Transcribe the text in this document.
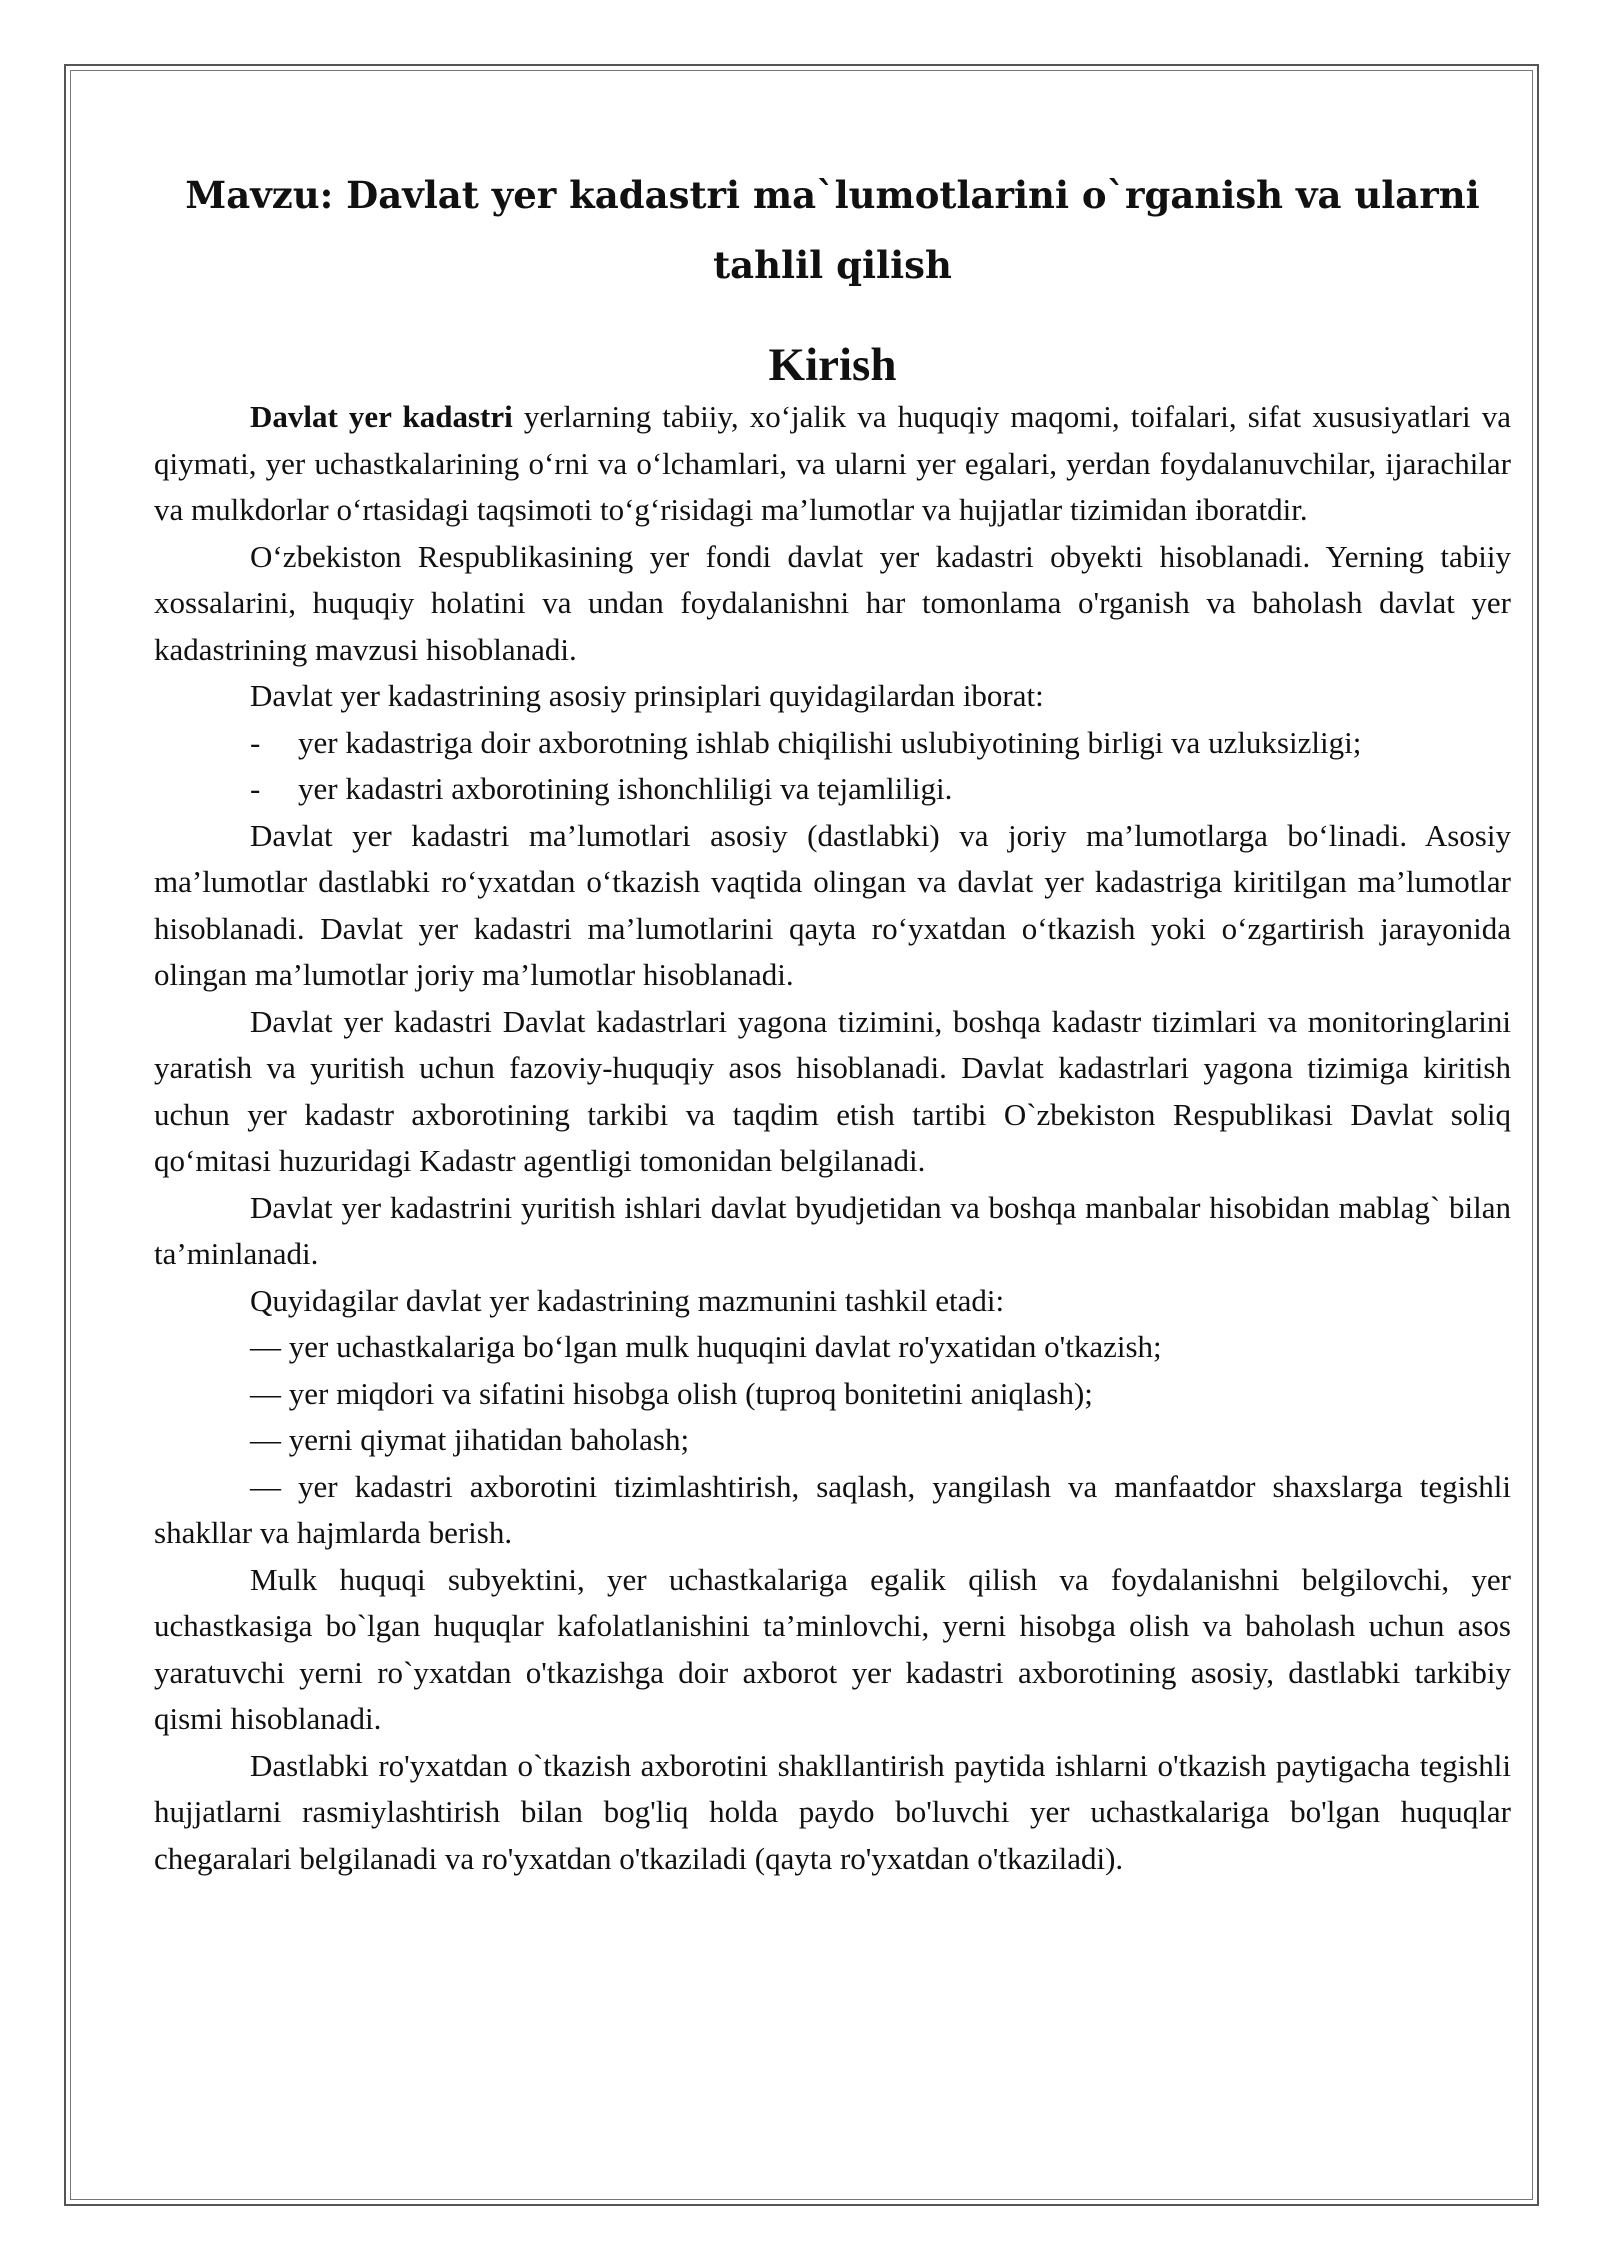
Mavzu: Davlat yer kadastri ma`lumotlarini o`rganish va ularni tahlil qilish
Kirish

Davlat yer kadastri yerlarning tabiiy, xo‘jalik va huquqiy maqomi, toifalari, sifat xususiyatlari va qiymati, yer uchastkalarining o‘rni va o‘lchamlari, va ularni yer egalari, yerdan foydalanuvchilar, ijarachilar va mulkdorlar o‘rtasidagi taqsimoti to‘g‘risidagi ma’lumotlar va hujjatlar tizimidan iboratdir.

O‘zbekiston Respublikasining yer fondi davlat yer kadastri obyekti hisoblanadi. Yerning tabiiy xossalarini, huquqiy holatini va undan foydalanishni har tomonlama o'rganish va baholash davlat yer kadastrining mavzusi hisoblanadi.

Davlat yer kadastrining asosiy prinsiplari quyidagilardan iborat:

- yer kadastriga doir axborotning ishlab chiqilishi uslubiyotining birligi va uzluksizligi;
- yer kadastri axborotining ishonchliligi va tejamliligi.

Davlat yer kadastri ma’lumotlari asosiy (dastlabki) va joriy ma’lumotlarga bo‘linadi. Asosiy ma’lumotlar dastlabki ro‘yxatdan o‘tkazish vaqtida olingan va davlat yer kadastriga kiritilgan ma’lumotlar hisoblanadi. Davlat yer kadastri ma’lumotlarini qayta ro‘yxatdan o‘tkazish yoki o‘zgartirish jarayonida olingan ma’lumotlar joriy ma’lumotlar hisoblanadi.

Davlat yer kadastri Davlat kadastrlari yagona tizimini, boshqa kadastr tizimlari va monitoringlarini yaratish va yuritish uchun fazoviy-huquqiy asos hisoblanadi. Davlat kadastrlari yagona tizimiga kiritish uchun yer kadastr axborotining tarkibi va taqdim etish tartibi O`zbekiston Respublikasi Davlat soliq qo‘mitasi huzuridagi Kadastr agentligi tomonidan belgilanadi.

Davlat yer kadastrini yuritish ishlari davlat byudjetidan va boshqa manbalar hisobidan mablag` bilan ta’minlanadi.

Quyidagilar davlat yer kadastrining mazmunini tashkil etadi:

— yer uchastkalariga bo‘lgan mulk huquqini davlat ro'yxatidan o'tkazish;

— yer miqdori va sifatini hisobga olish (tuproq bonitetini aniqlash);

— yerni qiymat jihatidan baholash;

— yer kadastri axborotini tizimlashtirish, saqlash, yangilash va manfaatdor shaxslarga tegishli shakllar va hajmlarda berish.

Mulk huquqi subyektini, yer uchastkalariga egalik qilish va foydalanishni belgilovchi, yer uchastkasiga bo`lgan huquqlar kafolatlanishini ta’minlovchi, yerni hisobga olish va baholash uchun asos yaratuvchi yerni ro`yxatdan o'tkazishga doir axborot yer kadastri axborotining asosiy, dastlabki tarkibiy qismi hisoblanadi.

Dastlabki ro'yxatdan o`tkazish axborotini shakllantirish paytida ishlarni o'tkazish paytigacha tegishli hujjatlarni rasmiylashtirish bilan bog'liq holda paydo bo'luvchi yer uchastkalariga bo'lgan huquqlar chegaralari belgilanadi va ro'yxatdan o'tkaziladi (qayta ro'yxatdan o'tkaziladi).
